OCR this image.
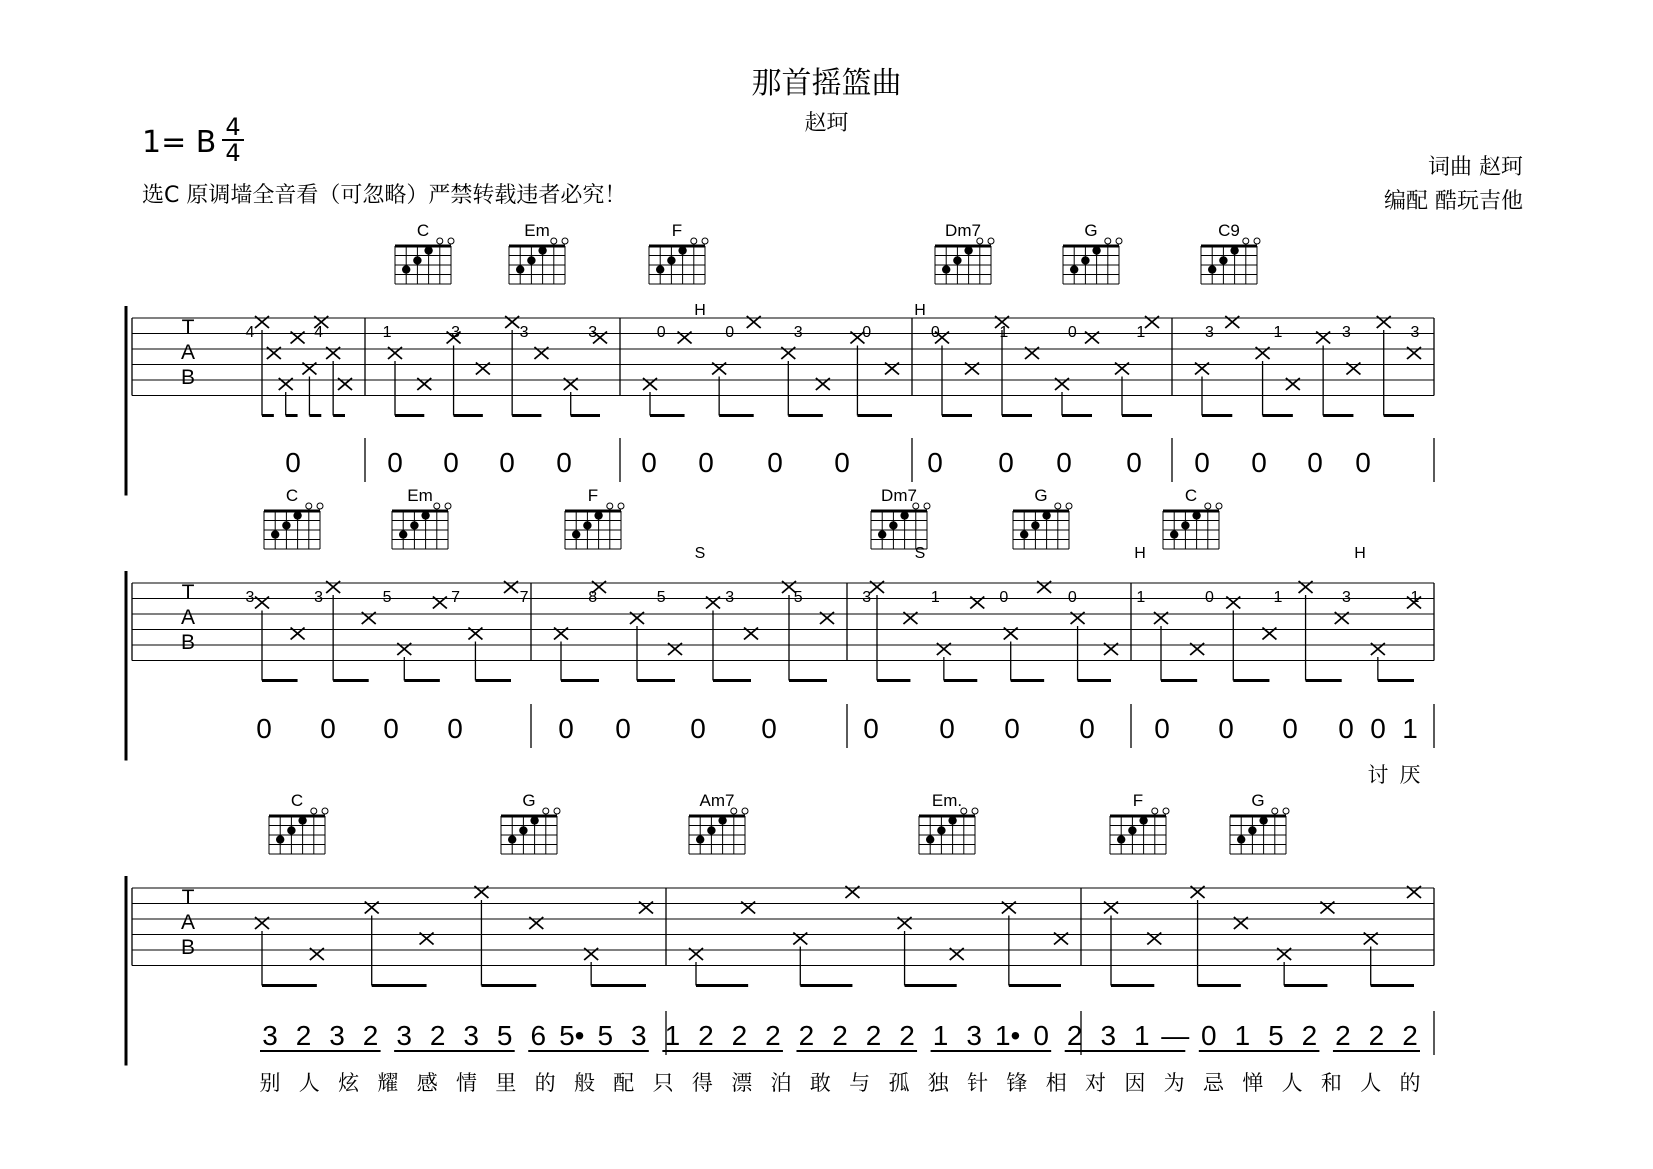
那首摇篮曲
赵珂
1= B 4
4
选C 原调墙全音看（可忽略）严禁转载违者必究！
词曲 赵珂
编配 酷玩吉他
T
A
B
C	Em	F	Dm7	G	C9
0	0 0 0 0 0 0 0 0	0 0 0 0 0 0 0 0
4	4	1	3	3	3	0	0	3	0	0	1	0	1	3	1	3	3
H	H
T
A
B
C	Em	F	Dm7	G	C
0 0 0 0	0 0 0 0	0 0 0 0 0 0 0 0 0 1
讨 厌
3	3	5	7	7	8	5	3	5	3	1	0	0	1	0	1	3	1
S	S	H	H
T
A
B
C	G	Am7	Em.	F	G
3 2 3 2 3 2 3 5 6 5• 5 3 1 2 2 2 2 2 2 2 1 3 1• 0 2 3 1 — 0 1 5 2 2 2 2
别 人 炫 耀 感 情 里 的 般 配 只 得 漂 泊 敢 与 孤 独 针 锋 相 对 因 为 忌 惮 人 和 人 的
